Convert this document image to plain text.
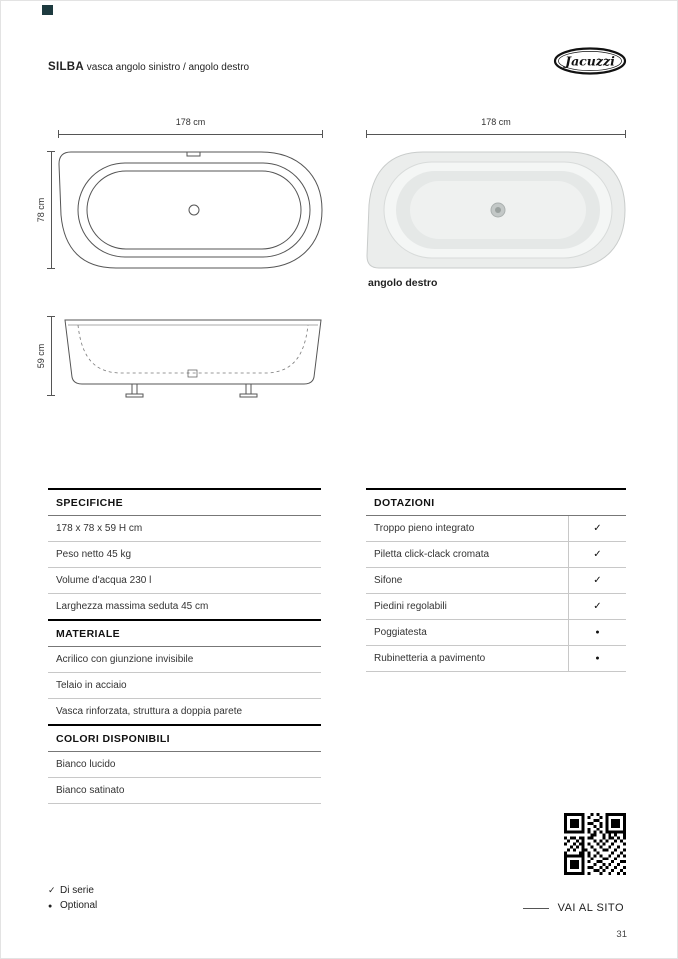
SILBA vasca angolo sinistro / angolo destro	Jacuzzi
178 cm
78 cm
178 cm
angolo destro
59 cm
SPECIFICHE
178 x 78 x 59 H cm
Peso netto 45 kg
Volume d'acqua 230 l
Larghezza massima seduta 45 cm
MATERIALE
Acrilico con giunzione invisibile
Telaio in acciaio
Vasca rinforzata, struttura a doppia parete
COLORI DISPONIBILI
Bianco lucido
Bianco satinato
DOTAZIONI
Troppo pieno integrato	✓
Piletta click-clack cromata	✓
Sifone	✓
Piedini regolabili	✓
Poggiatesta	●
Rubinetteria a pavimento	●
✓ Di serie
● Optional	VAI AL SITO
31
